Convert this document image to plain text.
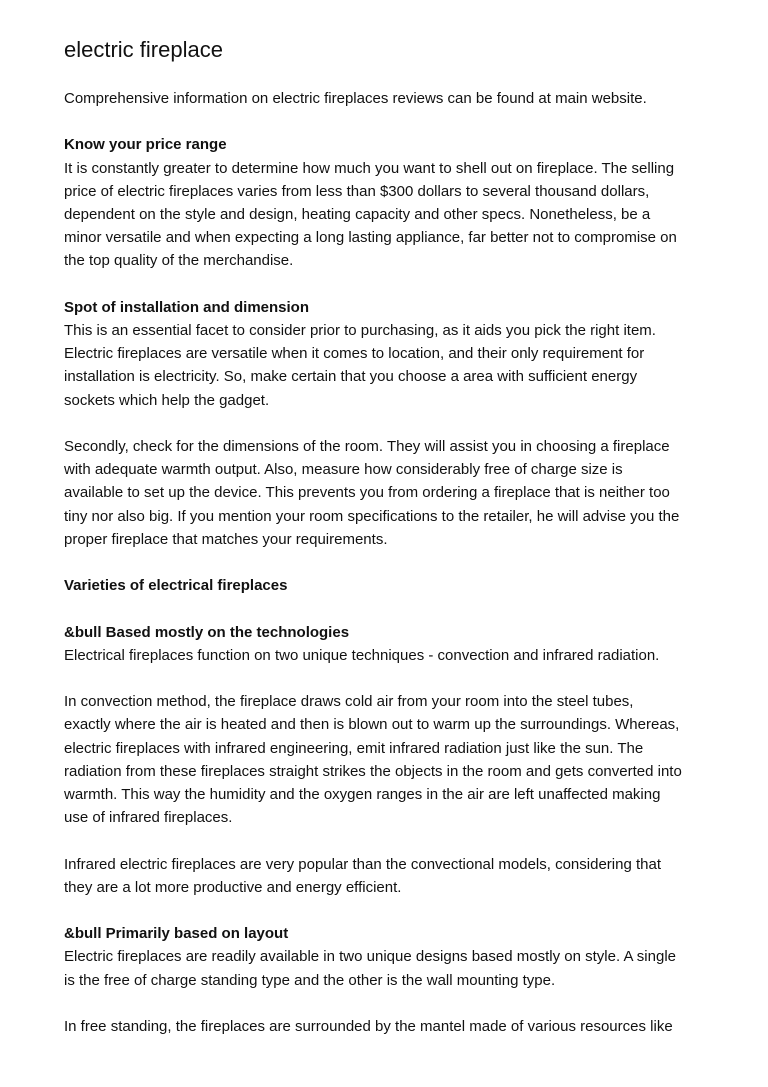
electric fireplace
Comprehensive information on electric fireplaces reviews can be found at main website.
Know your price range
It is constantly greater to determine how much you want to shell out on fireplace. The selling
price of electric fireplaces varies from less than $300 dollars to several thousand dollars,
dependent on the style and design, heating capacity and other specs. Nonetheless, be a
minor versatile and when expecting a long lasting appliance, far better not to compromise on
the top quality of the merchandise.
Spot of installation and dimension
This is an essential facet to consider prior to purchasing, as it aids you pick the right item.
Electric fireplaces are versatile when it comes to location, and their only requirement for
installation is electricity. So, make certain that you choose a area with sufficient energy
sockets which help the gadget.
Secondly, check for the dimensions of the room. They will assist you in choosing a fireplace
with adequate warmth output. Also, measure how considerably free of charge size is
available to set up the device. This prevents you from ordering a fireplace that is neither too
tiny nor also big. If you mention your room specifications to the retailer, he will advise you the
proper fireplace that matches your requirements.
Varieties of electrical fireplaces
&bull Based mostly on the technologies
Electrical fireplaces function on two unique techniques - convection and infrared radiation.
In convection method, the fireplace draws cold air from your room into the steel tubes,
exactly where the air is heated and then is blown out to warm up the surroundings. Whereas,
electric fireplaces with infrared engineering, emit infrared radiation just like the sun. The
radiation from these fireplaces straight strikes the objects in the room and gets converted into
warmth. This way the humidity and the oxygen ranges in the air are left unaffected making
use of infrared fireplaces.
Infrared electric fireplaces are very popular than the convectional models, considering that
they are a lot more productive and energy efficient.
&bull Primarily based on layout
Electric fireplaces are readily available in two unique designs based mostly on style. A single
is the free of charge standing type and the other is the wall mounting type.
In free standing, the fireplaces are surrounded by the mantel made of various resources like
